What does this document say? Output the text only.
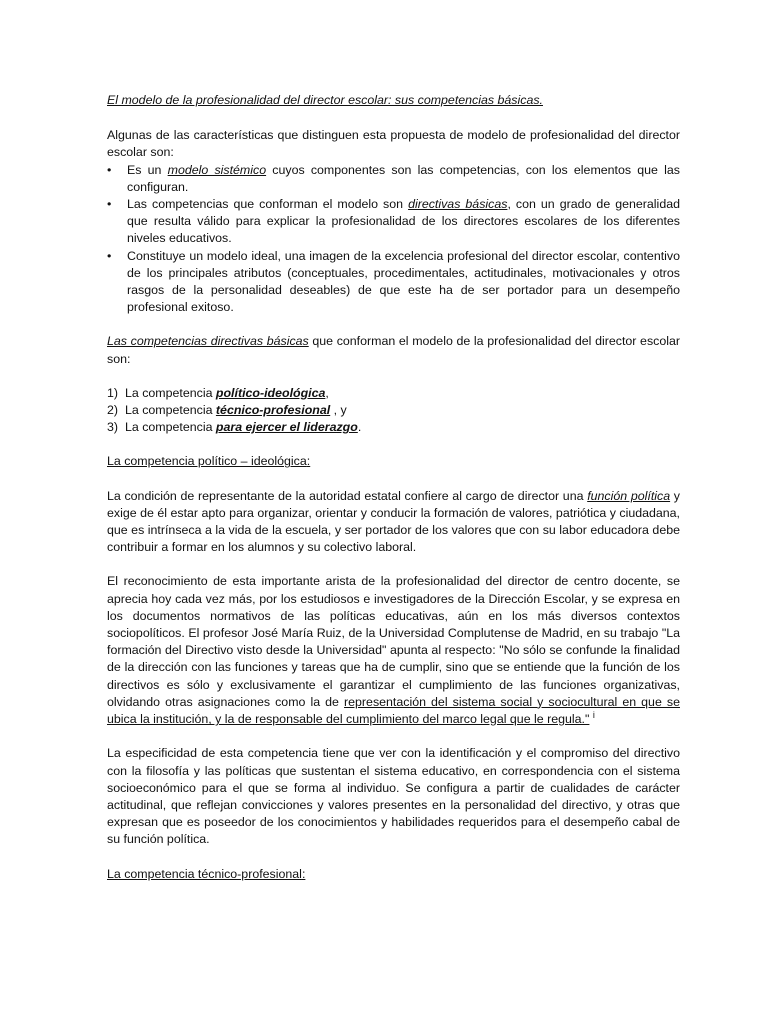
El modelo de la profesionalidad del director escolar: sus competencias básicas.

Algunas de las características que distinguen esta propuesta de modelo de profesionalidad del director escolar son:

•	Es un modelo sistémico cuyos componentes son las competencias, con los elementos que las configuran.
•	Las competencias que conforman el modelo son directivas básicas, con un grado de generalidad que resulta válido para explicar la profesionalidad de los directores escolares de los diferentes niveles educativos.
•	Constituye un modelo ideal, una imagen de la excelencia profesional del director escolar, contentivo de los principales atributos (conceptuales, procedimentales, actitudinales, motivacionales y otros rasgos de la personalidad deseables) de que este ha de ser portador para un desempeño profesional exitoso.

Las competencias directivas básicas que conforman el modelo de la profesionalidad del director escolar son:

1) La competencia político-ideológica,
2) La competencia técnico-profesional , y
3) La competencia para ejercer el liderazgo.

La competencia político – ideológica:

La condición de representante de la autoridad estatal confiere al cargo de director una función política y exige de él estar apto para organizar, orientar y conducir la formación de valores, patriótica y ciudadana, que es intrínseca a la vida de la escuela, y ser portador de los valores que con su labor educadora debe contribuir a formar en los alumnos y su colectivo laboral.

El reconocimiento de esta importante arista de la profesionalidad del director de centro docente, se aprecia hoy cada vez más, por los estudiosos e investigadores de la Dirección Escolar, y se expresa en los documentos normativos de las políticas educativas, aún en los más diversos contextos sociopolíticos. El profesor José María Ruiz, de la Universidad Complutense de Madrid, en su trabajo "La formación del Directivo visto desde la Universidad" apunta al respecto: "No sólo se confunde la finalidad de la dirección con las funciones y tareas que ha de cumplir, sino que se entiende que la función de los directivos es sólo y exclusivamente el garantizar el cumplimiento de las funciones organizativas, olvidando otras asignaciones como la de representación del sistema social y sociocultural en que se ubica la institución, y la de responsable del cumplimiento del marco legal que le regula." $^i$

La especificidad de esta competencia tiene que ver con la identificación y el compromiso del directivo con la filosofía y las políticas que sustentan el sistema educativo, en correspondencia con el sistema socioeconómico para el que se forma al individuo. Se configura a partir de cualidades de carácter actitudinal, que reflejan convicciones y valores presentes en la personalidad del directivo, y otras que expresan que es poseedor de los conocimientos y habilidades requeridos para el desempeño cabal de su función política.

La competencia técnico-profesional:
